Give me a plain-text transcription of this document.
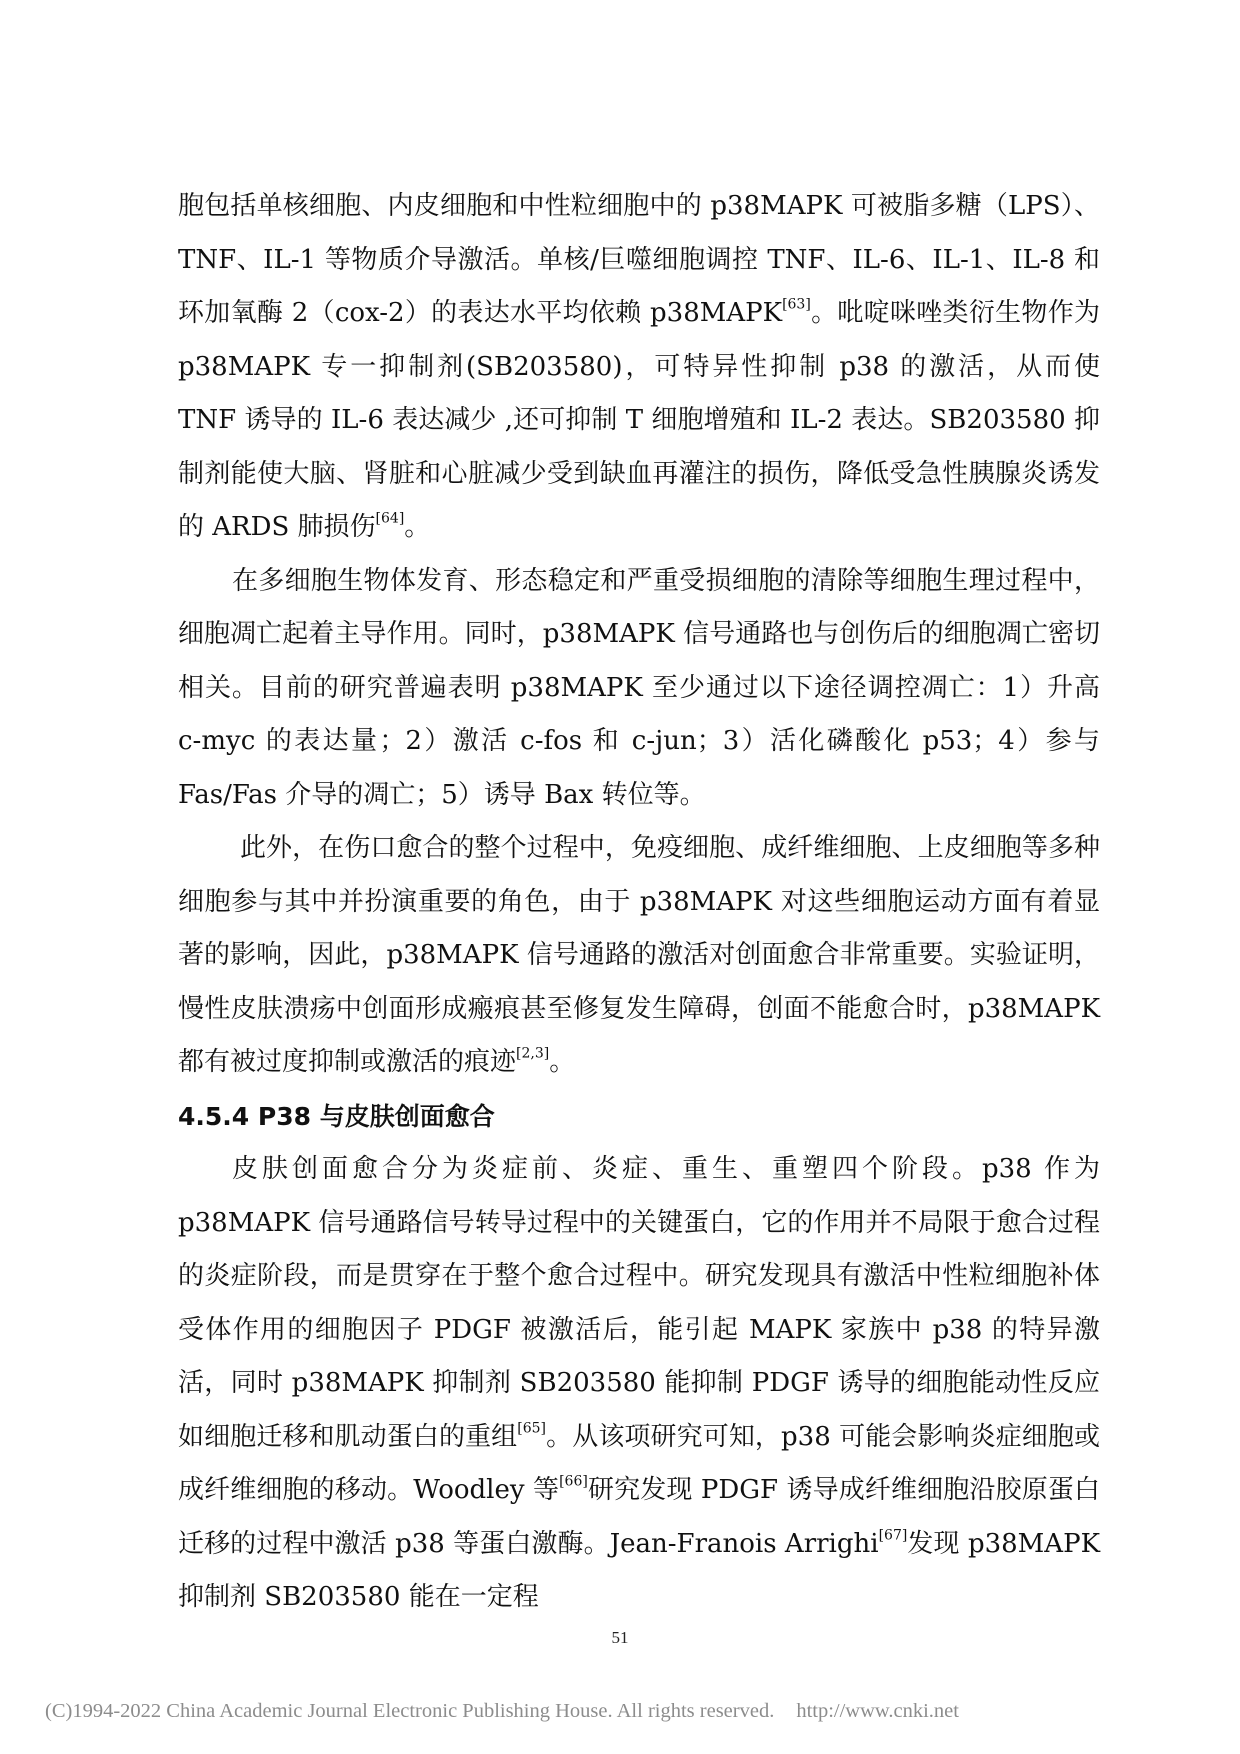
胞包括单核细胞、内皮细胞和中性粒细胞中的 p38MAPK 可被脂多糖（LPS）、TNF、IL-1 等物质介导激活。单核/巨噬细胞调控 TNF、IL-6、IL-1、IL-8 和环加氧酶 2（cox-2）的表达水平均依赖 p38MAPK[63]。吡啶咪唑类衍生物作为 p38MAPK 专一抑制剂(SB203580)，可特异性抑制 p38 的激活，从而使 TNF 诱导的 IL-6 表达减少 ,还可抑制 T 细胞增殖和 IL-2 表达。SB203580 抑制剂能使大脑、肾脏和心脏减少受到缺血再灌注的损伤，降低受急性胰腺炎诱发的 ARDS 肺损伤[64]。

在多细胞生物体发育、形态稳定和严重受损细胞的清除等细胞生理过程中，细胞凋亡起着主导作用。同时，p38MAPK 信号通路也与创伤后的细胞凋亡密切相关。目前的研究普遍表明 p38MAPK 至少通过以下途径调控凋亡：1）升高 c-myc 的表达量；2）激活 c-fos 和 c-jun；3）活化磷酸化 p53；4）参与 Fas/Fas 介导的凋亡；5）诱导 Bax 转位等。

此外，在伤口愈合的整个过程中，免疫细胞、成纤维细胞、上皮细胞等多种细胞参与其中并扮演重要的角色，由于 p38MAPK 对这些细胞运动方面有着显著的影响，因此，p38MAPK 信号通路的激活对创面愈合非常重要。实验证明，慢性皮肤溃疡中创面形成瘢痕甚至修复发生障碍，创面不能愈合时，p38MAPK 都有被过度抑制或激活的痕迹[2,3]。

4.5.4 P38 与皮肤创面愈合

皮肤创面愈合分为炎症前、炎症、重生、重塑四个阶段。p38 作为 p38MAPK 信号通路信号转导过程中的关键蛋白，它的作用并不局限于愈合过程的炎症阶段，而是贯穿在于整个愈合过程中。研究发现具有激活中性粒细胞补体受体作用的细胞因子 PDGF 被激活后，能引起 MAPK 家族中 p38 的特异激活，同时 p38MAPK 抑制剂 SB203580 能抑制 PDGF 诱导的细胞能动性反应如细胞迁移和肌动蛋白的重组[65]。从该项研究可知，p38 可能会影响炎症细胞或成纤维细胞的移动。Woodley 等[66]研究发现 PDGF 诱导成纤维细胞沿胶原蛋白迁移的过程中激活 p38 等蛋白激酶。Jean-Franois Arrighi[67]发现 p38MAPK 抑制剂 SB203580 能在一定程

51
(C)1994-2022 China Academic Journal Electronic Publishing House. All rights reserved. http://www.cnki.net
